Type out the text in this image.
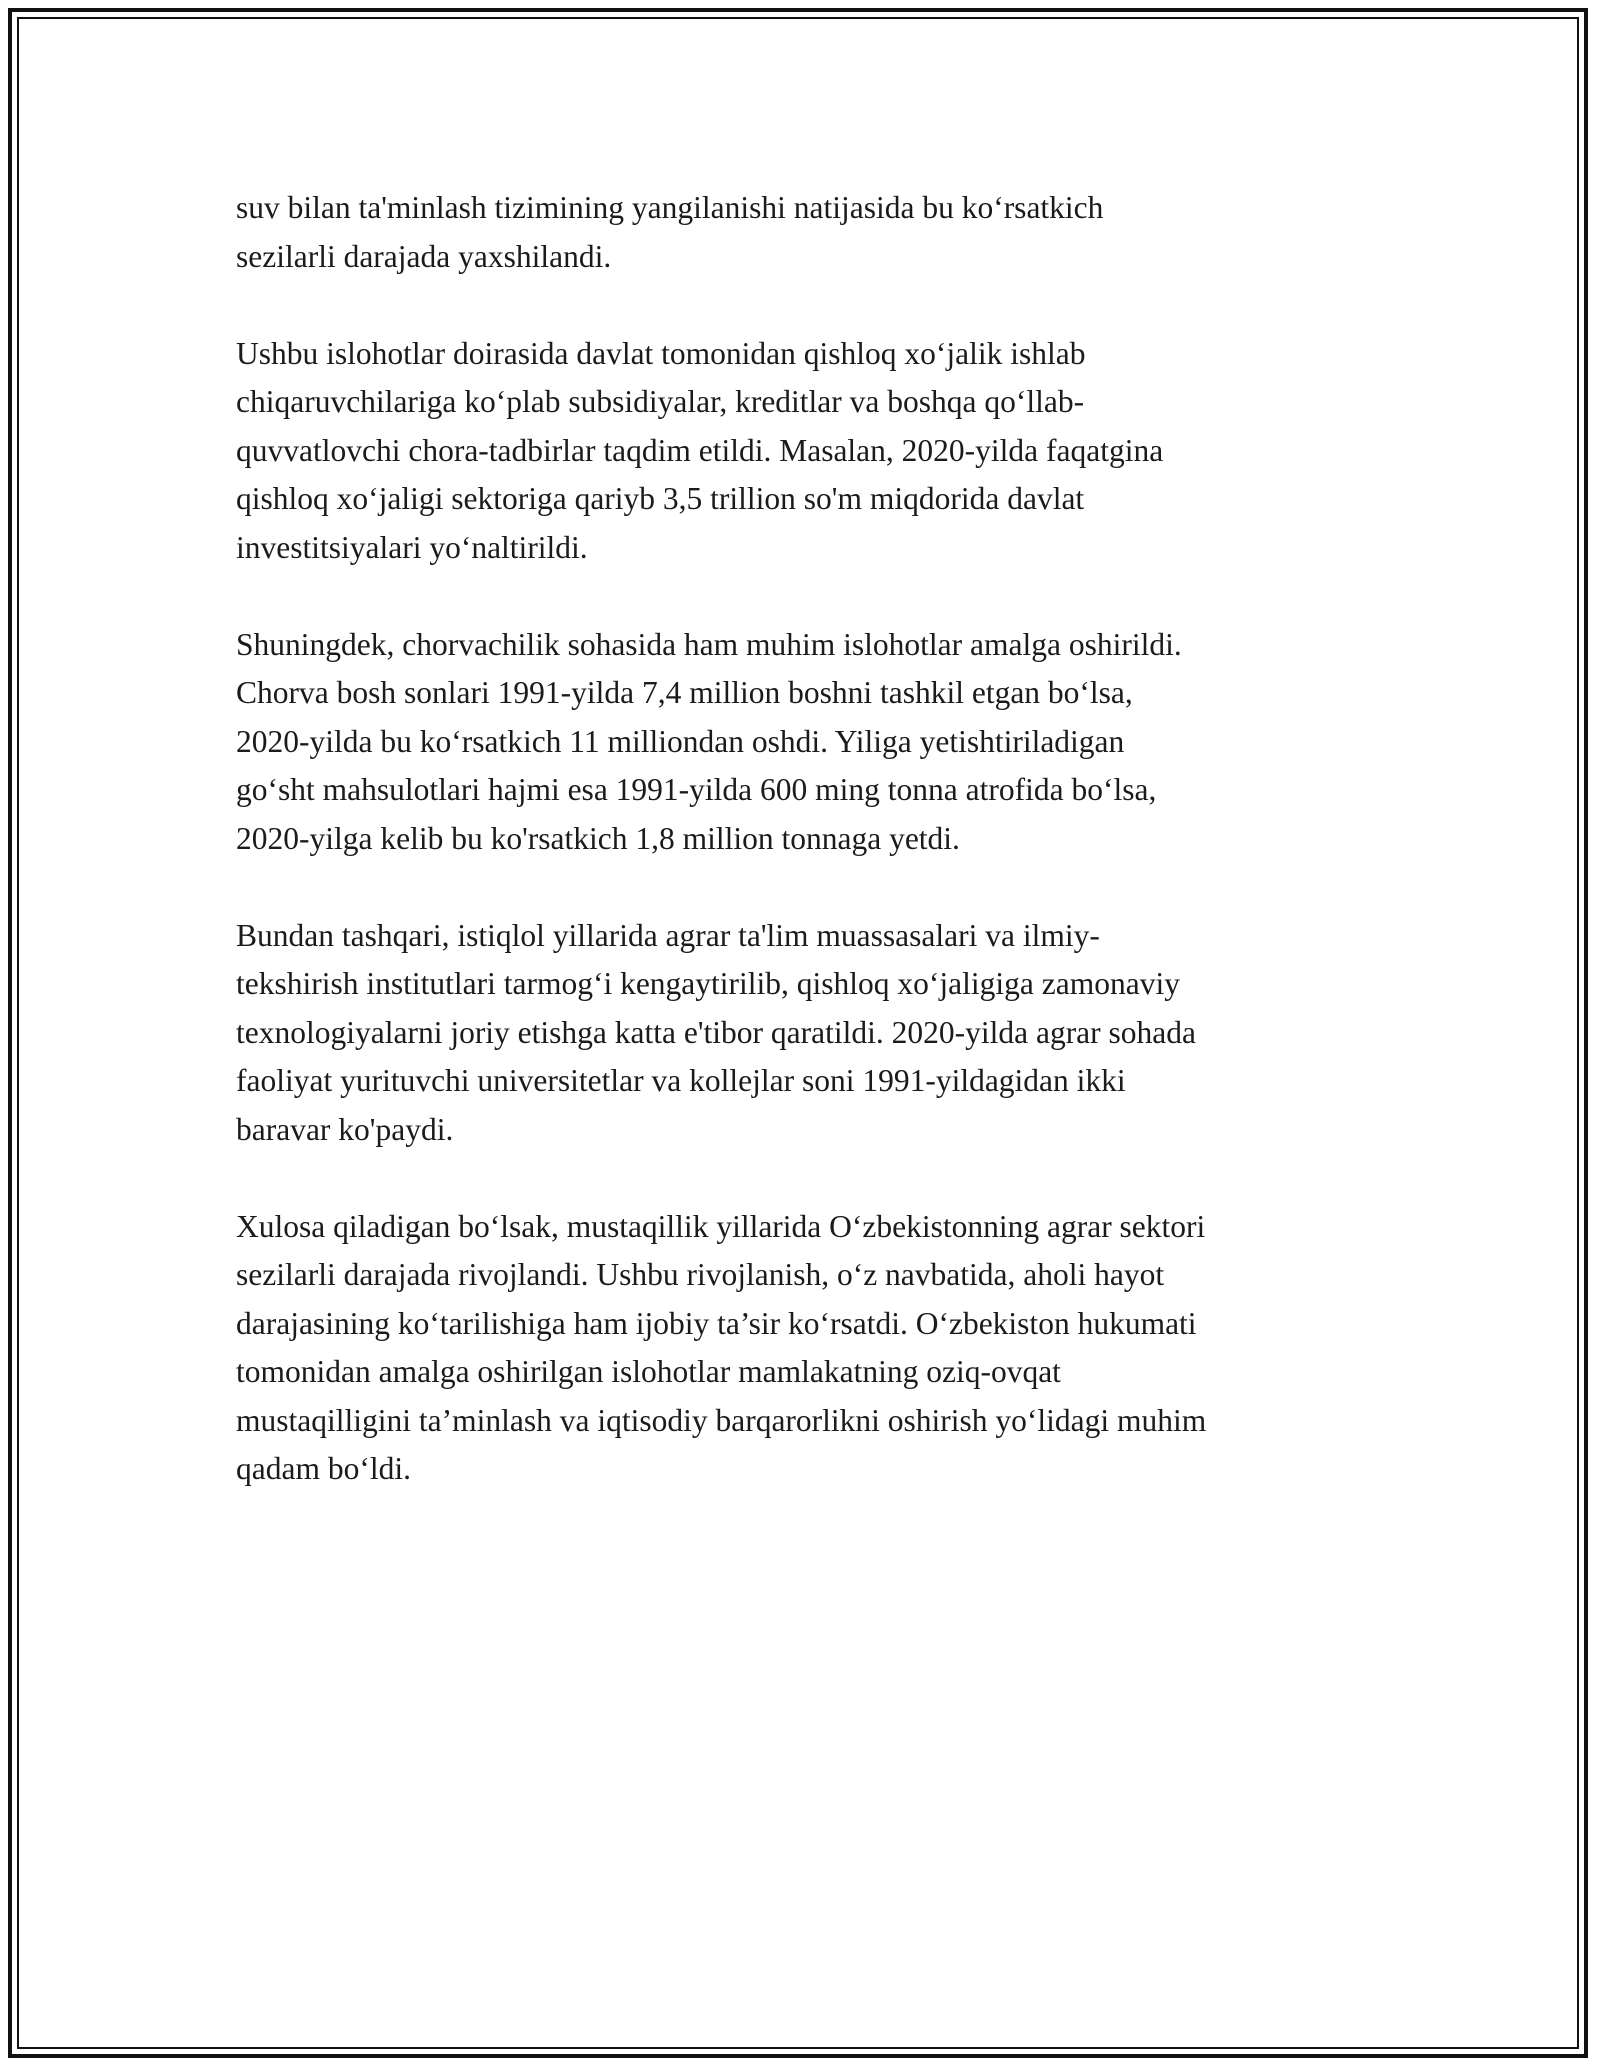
suv bilan ta'minlash tizimining yangilanishi natijasida bu ko‘rsatkich
sezilarli darajada yaxshilandi.

Ushbu islohotlar doirasida davlat tomonidan qishloq xo‘jalik ishlab
chiqaruvchilariga ko‘plab subsidiyalar, kreditlar va boshqa qo‘llab-
quvvatlovchi chora-tadbirlar taqdim etildi. Masalan, 2020-yilda faqatgina
qishloq xo‘jaligi sektoriga qariyb 3,5 trillion so'm miqdorida davlat
investitsiyalari yo‘naltirildi.

Shuningdek, chorvachilik sohasida ham muhim islohotlar amalga oshirildi.
Chorva bosh sonlari 1991-yilda 7,4 million boshni tashkil etgan bo‘lsa,
2020-yilda bu ko‘rsatkich 11 milliondan oshdi. Yiliga yetishtiriladigan
go‘sht mahsulotlari hajmi esa 1991-yilda 600 ming tonna atrofida bo‘lsa,
2020-yilga kelib bu ko'rsatkich 1,8 million tonnaga yetdi.

Bundan tashqari, istiqlol yillarida agrar ta'lim muassasalari va ilmiy-
tekshirish institutlari tarmog‘i kengaytirilib, qishloq xo‘jaligiga zamonaviy
texnologiyalarni joriy etishga katta e'tibor qaratildi. 2020-yilda agrar sohada
faoliyat yurituvchi universitetlar va kollejlar soni 1991-yildagidan ikki
baravar ko'paydi.

Xulosa qiladigan bo‘lsak, mustaqillik yillarida O‘zbekistonning agrar sektori
sezilarli darajada rivojlandi. Ushbu rivojlanish, o‘z navbatida, aholi hayot
darajasining ko‘tarilishiga ham ijobiy ta’sir ko‘rsatdi. O‘zbekiston hukumati
tomonidan amalga oshirilgan islohotlar mamlakatning oziq-ovqat
mustaqilligini ta’minlash va iqtisodiy barqarorlikni oshirish yo‘lidagi muhim
qadam bo‘ldi.
